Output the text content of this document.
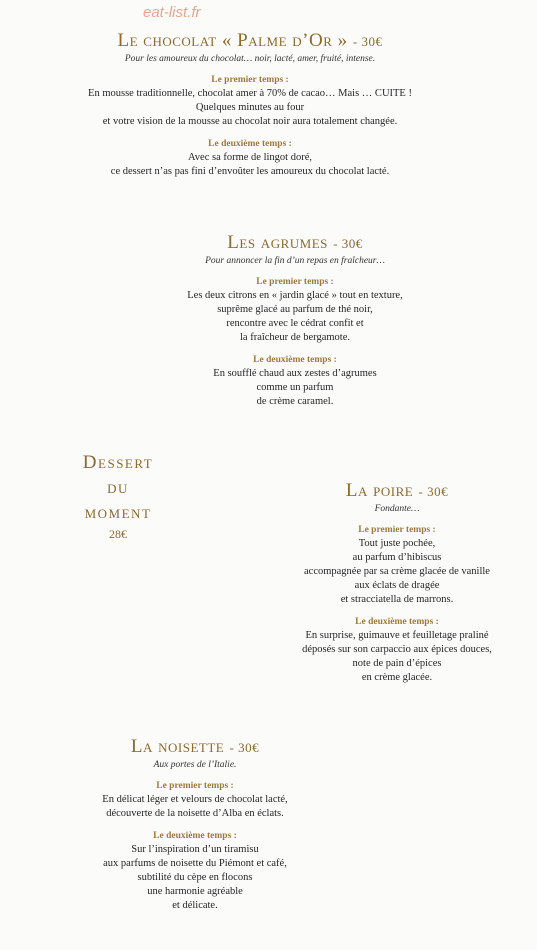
eat-list.fr
Le chocolat « Palme d’Or » - 30€
Pour les amoureux du chocolat… noir, lacté, amer, fruité, intense.
Le premier temps :
En mousse traditionnelle, chocolat amer à 70% de cacao… Mais … CUITE !
Quelques minutes au four
et votre vision de la mousse au chocolat noir aura totalement changée.
Le deuxième temps :
Avec sa forme de lingot doré,
ce dessert n’as pas fini d’envoûter les amoureux du chocolat lacté.
Les agrumes - 30€
Pour annoncer la fin d’un repas en fraîcheur…
Le premier temps :
Les deux citrons en « jardin glacé » tout en texture,
suprême glacé au parfum de thé noir,
rencontre avec le cédrat confit et
la fraîcheur de bergamote.
Le deuxième temps :
En soufflé chaud aux zestes d’agrumes
comme un parfum
de crème caramel.
Dessert
du
moment
28€
La poire - 30€
Fondante…
Le premier temps :
Tout juste pochée,
au parfum d’hibiscus
accompagnée par sa crème glacée de vanille
aux éclats de dragée
et stracciatella de marrons.
Le deuxième temps :
En surprise, guimauve et feuilletage praliné
déposés sur son carpaccio aux épices douces,
note de pain d’épices
en crème glacée.
La noisette - 30€
Aux portes de l’Italie.
Le premier temps :
En délicat léger et velours de chocolat lacté,
découverte de la noisette d’Alba en éclats.
Le deuxième temps :
Sur l’inspiration d’un tiramisu
aux parfums de noisette du Piémont et café,
subtilité du cèpe en flocons
une harmonie agréable
et délicate.
